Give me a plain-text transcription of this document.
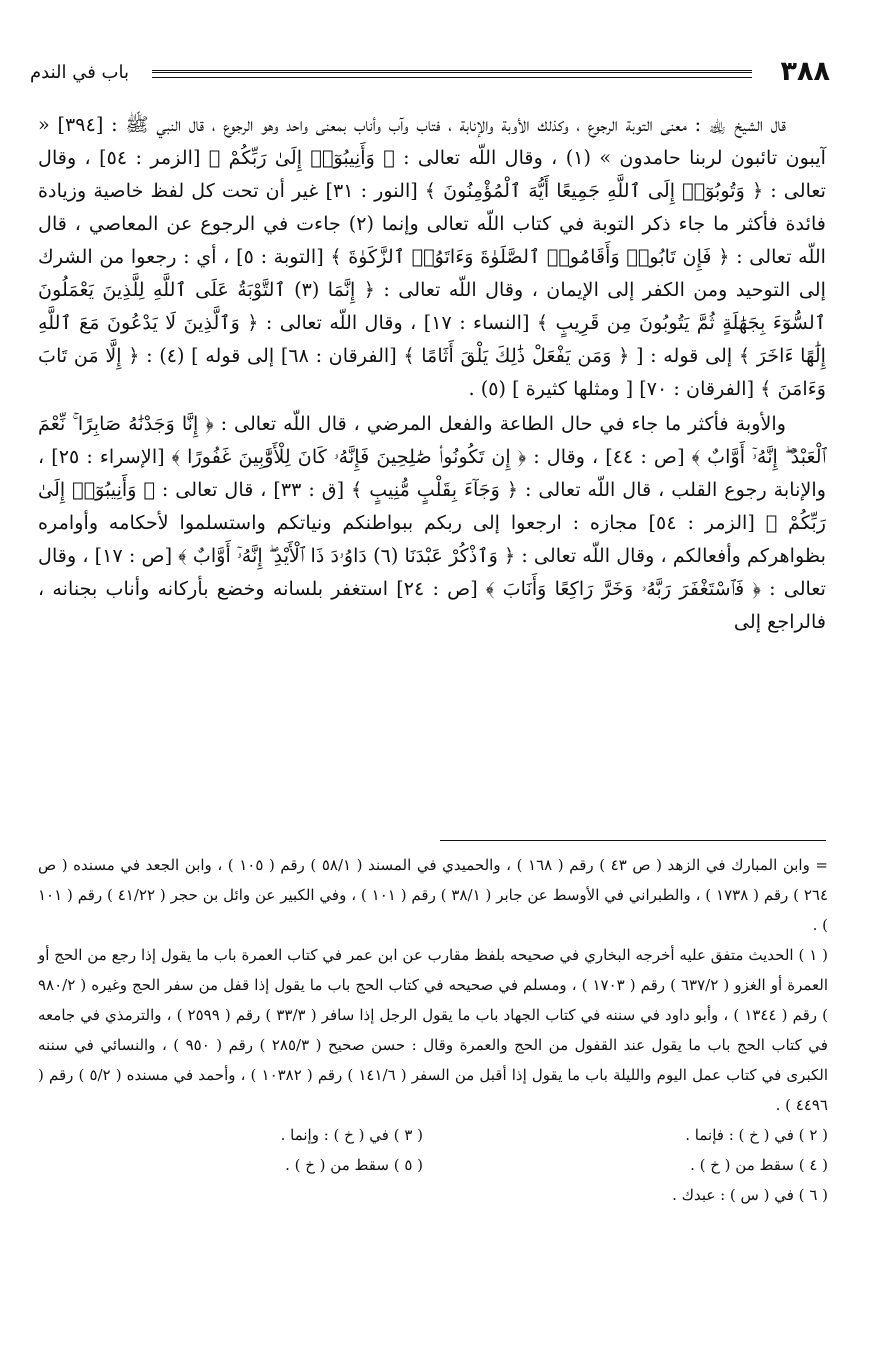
٣٨٨
باب في الندم

قال الشيخ ﵀ : معنى التوبة الرجوع ، وكذلك الأوبة والإنابة ، فتاب وآب وأناب بمعنى واحد وهو الرجوع ، قال النبي ﷺ : [٣٩٤] « آيبون تائبون لربنا حامدون » (١) ، وقال اللّه تعالى : ﴿ وَأَنِيبُوٓا۟ إِلَىٰ رَبِّكُمْ ﴾ [الزمر : ٥٤] ، وقال تعالى : ﴿ وَتُوبُوٓا۟ إِلَى ٱللَّهِ جَمِيعًا أَيُّهَ ٱلْمُؤْمِنُونَ ﴾ [النور : ٣١] غير أن تحت كل لفظ خاصية وزيادة فائدة فأكثر ما جاء ذكر التوبة في كتاب اللّه تعالى وإنما (٢) جاءت في الرجوع عن المعاصي ، قال اللّه تعالى : ﴿ فَإِن تَابُوا۟ وَأَقَامُوا۟ ٱلصَّلَوٰةَ وَءَاتَوُا۟ ٱلزَّكَوٰةَ ﴾ [التوبة : ٥] ، أي : رجعوا من الشرك إلى التوحيد ومن الكفر إلى الإيمان ، وقال اللّه تعالى : ﴿ إِنَّمَا (٣) ٱلتَّوْبَةُ عَلَى ٱللَّهِ لِلَّذِينَ يَعْمَلُونَ ٱلسُّوٓءَ بِجَهَٰلَةٍ ثُمَّ يَتُوبُونَ مِن قَرِيبٍ ﴾ [النساء : ١٧] ، وقال اللّه تعالى : ﴿ وَٱلَّذِينَ لَا يَدْعُونَ مَعَ ٱللَّهِ إِلَٰهًا ءَاخَرَ ﴾ إلى قوله : [ ﴿ وَمَن يَفْعَلْ ذَٰلِكَ يَلْقَ أَثَامًا ﴾ [الفرقان : ٦٨] إلى قوله ] (٤) : ﴿ إِلَّا مَن تَابَ وَءَامَنَ ﴾ [الفرقان : ٧٠] [ ومثلها كثيرة ] (٥) .

والأوبة فأكثر ما جاء في حال الطاعة والفعل المرضي ، قال اللّه تعالى : ﴿ إِنَّا وَجَدْنَٰهُ صَابِرًا ۚ نِّعْمَ ٱلْعَبْدُ ۖ إِنَّهُۥٓ أَوَّابٌ ﴾ [ص : ٤٤] ، وقال : ﴿ إِن تَكُونُوا۟ صَٰلِحِينَ فَإِنَّهُۥ كَانَ لِلْأَوَّٰبِينَ غَفُورًا ﴾ [الإسراء : ٢٥] ، والإنابة رجوع القلب ، قال اللّه تعالى : ﴿ وَجَآءَ بِقَلْبٍ مُّنِيبٍ ﴾ [ق : ٣٣] ، قال تعالى : ﴿ وَأَنِيبُوٓا۟ إِلَىٰ رَبِّكُمْ ﴾ [الزمر : ٥٤] مجازه : ارجعوا إلى ربكم ببواطنكم ونياتكم واستسلموا لأحكامه وأوامره بظواهركم وأفعالكم ، وقال اللّه تعالى : ﴿ وَٱذْكُرْ عَبْدَنَا (٦) دَاوُۥدَ ذَا ٱلْأَيْدِ ۖ إِنَّهُۥٓ أَوَّابٌ ﴾ [ص : ١٧] ، وقال تعالى : ﴿ فَٱسْتَغْفَرَ رَبَّهُۥ وَخَرَّ رَاكِعًا وَأَنَابَ ﴾ [ص : ٢٤] استغفر بلسانه وخضع بأركانه وأناب بجنانه ، فالراجع إلى

= وابن المبارك في الزهد ( ص ٤٣ ) رقم ( ١٦٨ ) ، والحميدي في المسند ( ٥٨/١ ) رقم ( ١٠٥ ) ، وابن الجعد في مسنده ( ص ٢٦٤ ) رقم ( ١٧٣٨ ) ، والطبراني في الأوسط عن جابر ( ٣٨/١ ) رقم ( ١٠١ ) ، وفي الكبير عن وائل بن حجر ( ٤١/٢٢ ) رقم ( ١٠١ ) .

( ١ ) الحديث متفق عليه أخرجه البخاري في صحيحه بلفظ مقارب عن ابن عمر في كتاب العمرة باب ما يقول إذا رجع من الحج أو العمرة أو الغزو ( ٦٣٧/٢ ) رقم ( ١٧٠٣ ) ، ومسلم في صحيحه في كتاب الحج باب ما يقول إذا قفل من سفر الحج وغيره ( ٩٨٠/٢ ) رقم ( ١٣٤٤ ) ، وأبو داود في سننه في كتاب الجهاد باب ما يقول الرجل إذا سافر ( ٣٣/٣ ) رقم ( ٢٥٩٩ ) ، والترمذي في جامعه في كتاب الحج باب ما يقول عند القفول من الحج والعمرة وقال : حسن صحيح ( ٢٨٥/٣ ) رقم ( ٩٥٠ ) ، والنسائي في سننه الكبرى في كتاب عمل اليوم والليلة باب ما يقول إذا أقبل من السفر ( ١٤١/٦ ) رقم ( ١٠٣٨٢ ) ، وأحمد في مسنده ( ٥/٢ ) رقم ( ٤٤٩٦ ) .

( ٢ ) في ( خ ) : فإنما .
( ٣ ) في ( خ ) : وإنما .
( ٤ ) سقط من ( خ ) .
( ٥ ) سقط من ( خ ) .
( ٦ ) في ( س ) : عبدك .
